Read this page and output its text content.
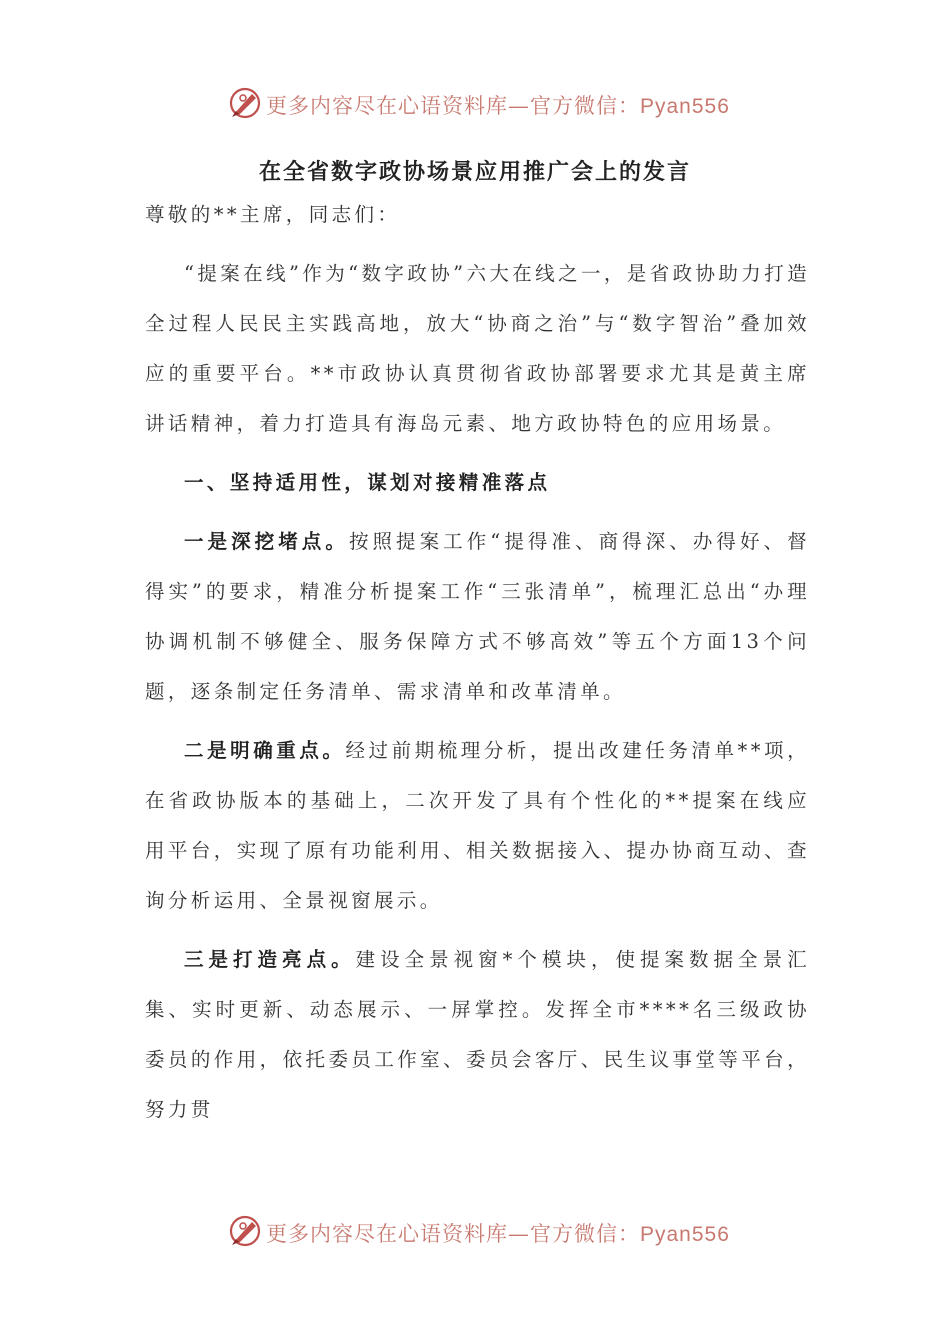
更多内容尽在心语资料库—官方微信：Pyan556
在全省数字政协场景应用推广会上的发言

尊敬的**主席，同志们：

“提案在线”作为“数字政协”六大在线之一，是省政协助力打造全过程人民民主实践高地，放大“协商之治”与“数字智治”叠加效应的重要平台。**市政协认真贯彻省政协部署要求尤其是黄主席讲话精神，着力打造具有海岛元素、地方政协特色的应用场景。

一、坚持适用性，谋划对接精准落点

一是深挖堵点。按照提案工作“提得准、商得深、办得好、督得实”的要求，精准分析提案工作“三张清单”，梳理汇总出“办理协调机制不够健全、服务保障方式不够高效”等五个方面13个问题，逐条制定任务清单、需求清单和改革清单。

二是明确重点。经过前期梳理分析，提出改建任务清单**项，在省政协版本的基础上，二次开发了具有个性化的**提案在线应用平台，实现了原有功能利用、相关数据接入、提办协商互动、查询分析运用、全景视窗展示。

三是打造亮点。建设全景视窗*个模块，使提案数据全景汇集、实时更新、动态展示、一屏掌控。发挥全市****名三级政协委员的作用，依托委员工作室、委员会客厅、民生议事堂等平台，努力贯

更多内容尽在心语资料库—官方微信：Pyan556
